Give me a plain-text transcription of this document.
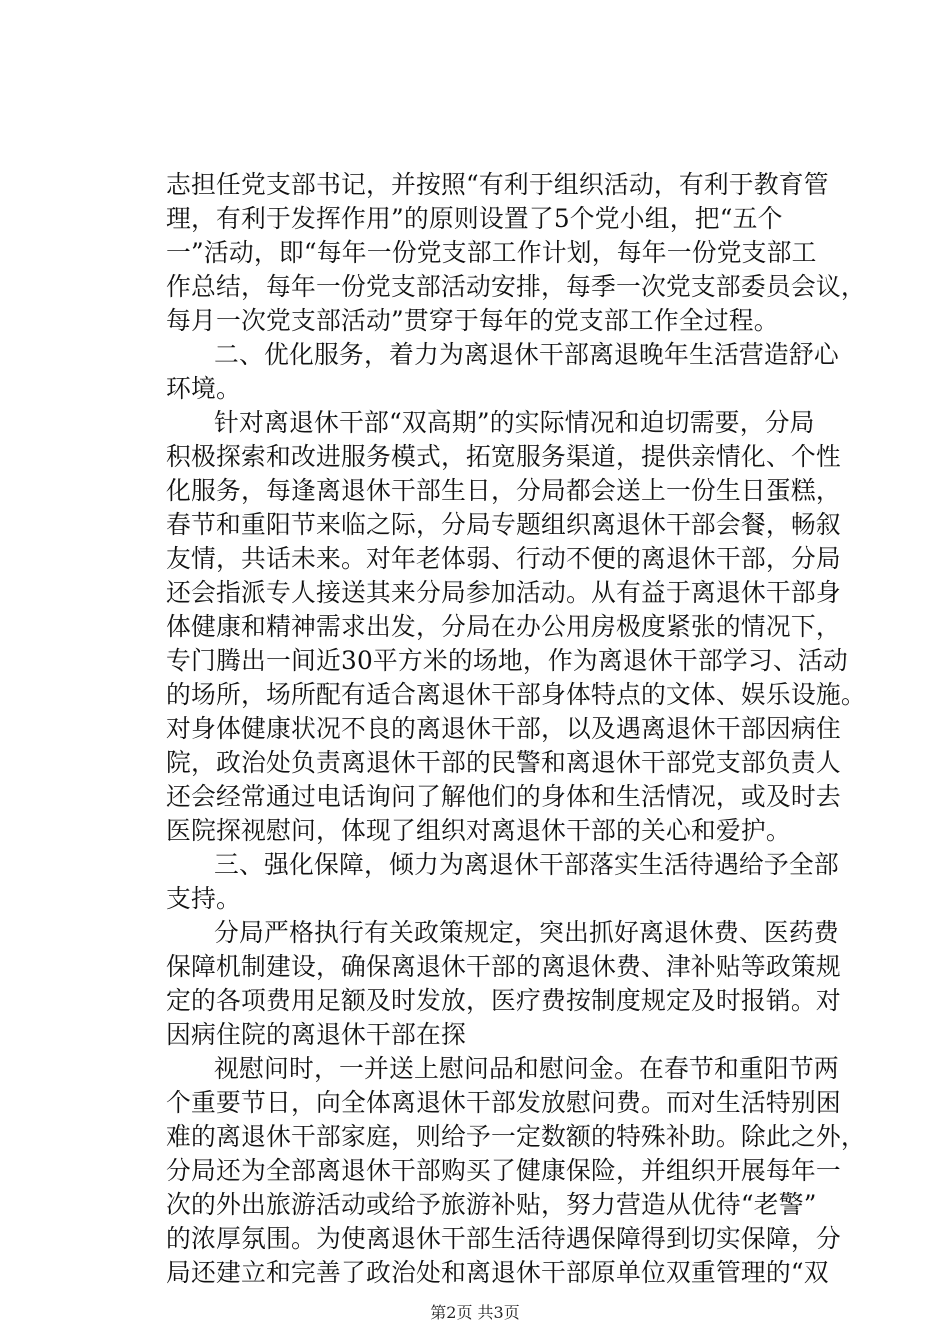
志担任党支部书记，并按照“有利于组织活动，有利于教育管
理，有利于发挥作用”的原则设置了5个党小组，把“五个
一”活动，即“每年一份党支部工作计划，每年一份党支部工
作总结，每年一份党支部活动安排，每季一次党支部委员会议，
每月一次党支部活动”贯穿于每年的党支部工作全过程。
二、优化服务，着力为离退休干部离退晚年生活营造舒心
环境。
针对离退休干部“双高期”的实际情况和迫切需要，分局
积极探索和改进服务模式，拓宽服务渠道，提供亲情化、个性
化服务，每逢离退休干部生日，分局都会送上一份生日蛋糕，
春节和重阳节来临之际，分局专题组织离退休干部会餐，畅叙
友情，共话未来。对年老体弱、行动不便的离退休干部，分局
还会指派专人接送其来分局参加活动。从有益于离退休干部身
体健康和精神需求出发，分局在办公用房极度紧张的情况下，
专门腾出一间近30平方米的场地，作为离退休干部学习、活动
的场所，场所配有适合离退休干部身体特点的文体、娱乐设施。
对身体健康状况不良的离退休干部，以及遇离退休干部因病住
院，政治处负责离退休干部的民警和离退休干部党支部负责人
还会经常通过电话询问了解他们的身体和生活情况，或及时去
医院探视慰问，体现了组织对离退休干部的关心和爱护。
三、强化保障，倾力为离退休干部落实生活待遇给予全部
支持。
分局严格执行有关政策规定，突出抓好离退休费、医药费
保障机制建设，确保离退休干部的离退休费、津补贴等政策规
定的各项费用足额及时发放，医疗费按制度规定及时报销。对
因病住院的离退休干部在探
视慰问时，一并送上慰问品和慰问金。在春节和重阳节两
个重要节日，向全体离退休干部发放慰问费。而对生活特别困
难的离退休干部家庭，则给予一定数额的特殊补助。除此之外，
分局还为全部离退休干部购买了健康保险，并组织开展每年一
次的外出旅游活动或给予旅游补贴，努力营造从优待“老警”
的浓厚氛围。为使离退休干部生活待遇保障得到切实保障，分
局还建立和完善了政治处和离退休干部原单位双重管理的“双
第2页 共3页
